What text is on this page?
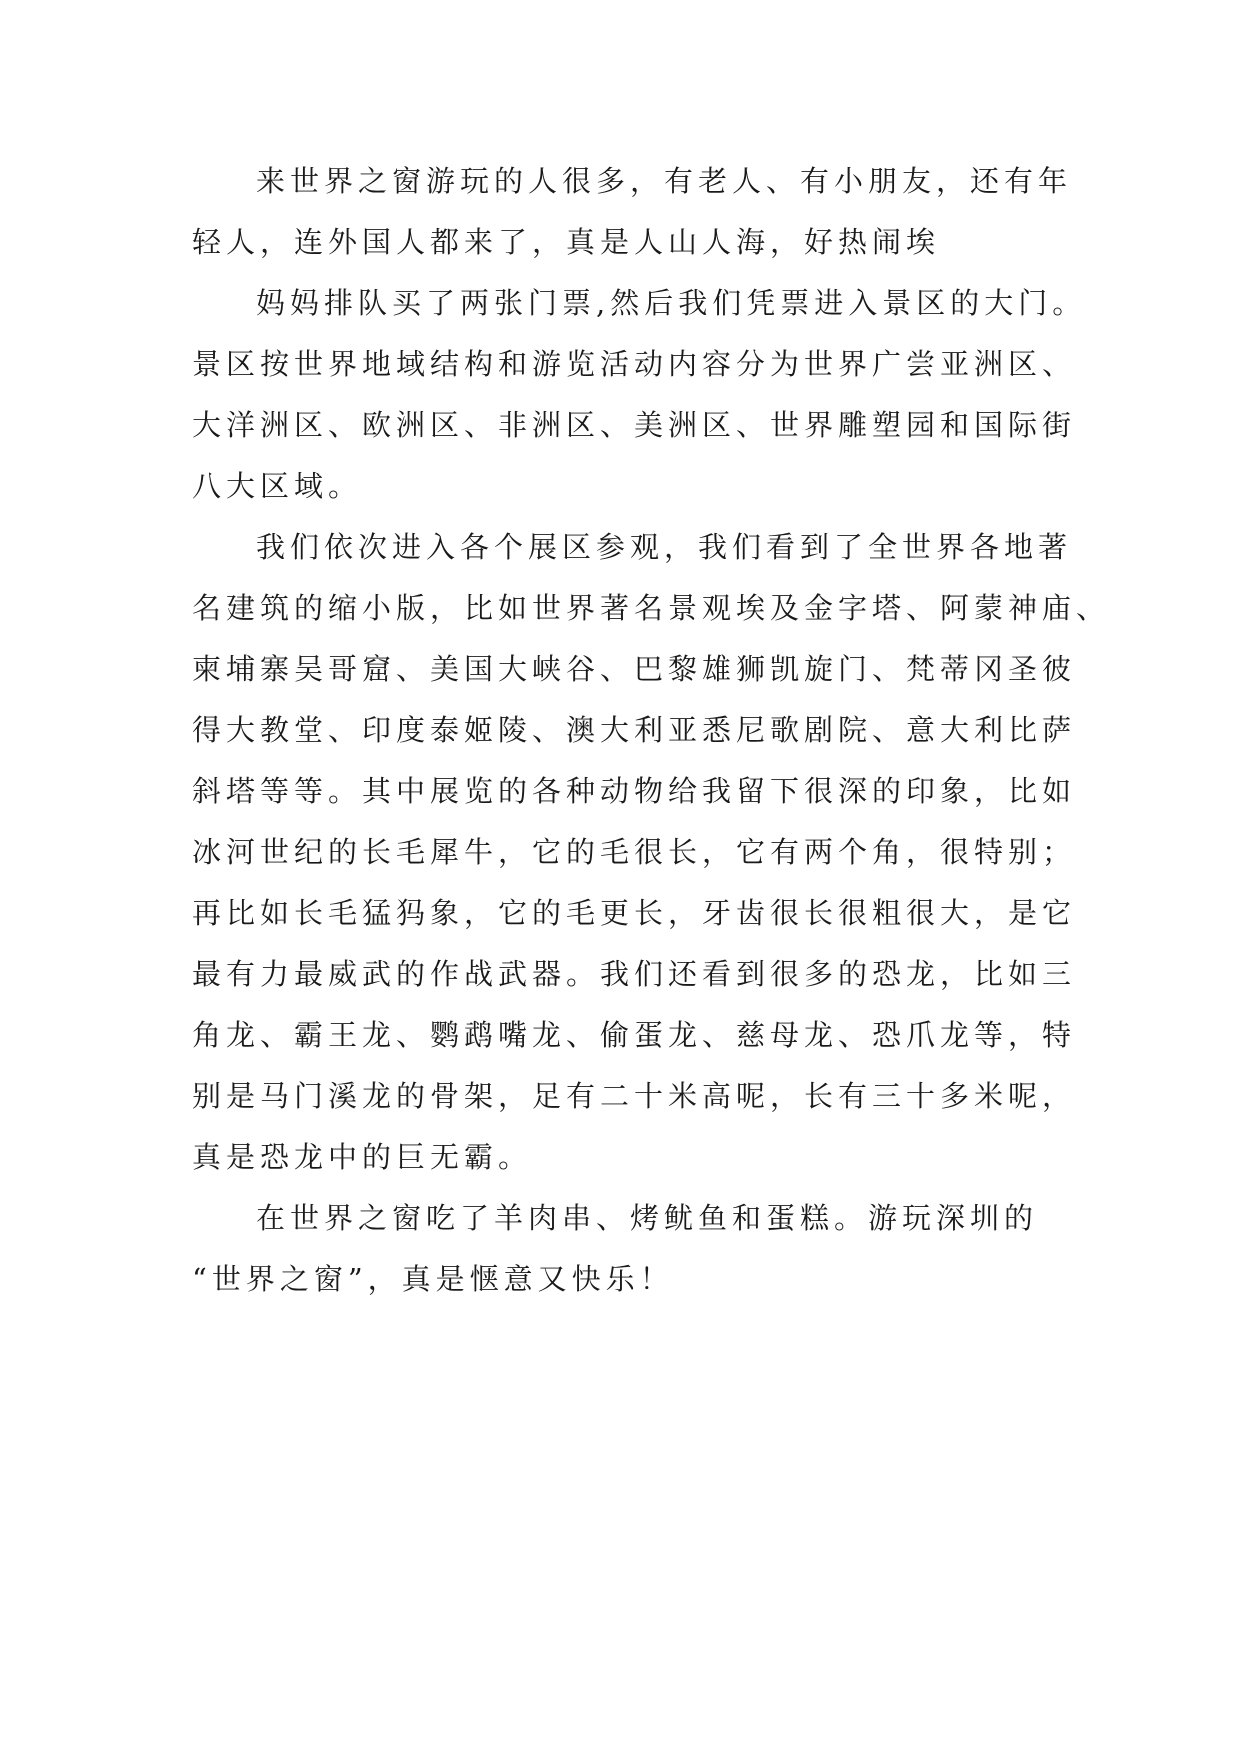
来世界之窗游玩的人很多，有老人、有小朋友，还有年
轻人，连外国人都来了，真是人山人海，好热闹埃
妈妈排队买了两张门票,然后我们凭票进入景区的大门。
景区按世界地域结构和游览活动内容分为世界广尝亚洲区、
大洋洲区、欧洲区、非洲区、美洲区、世界雕塑园和国际街
八大区域。
我们依次进入各个展区参观，我们看到了全世界各地著
名建筑的缩小版，比如世界著名景观埃及金字塔、阿蒙神庙、
柬埔寨吴哥窟、美国大峡谷、巴黎雄狮凯旋门、梵蒂冈圣彼
得大教堂、印度泰姬陵、澳大利亚悉尼歌剧院、意大利比萨
斜塔等等。其中展览的各种动物给我留下很深的印象，比如
冰河世纪的长毛犀牛，它的毛很长，它有两个角，很特别；
再比如长毛猛犸象，它的毛更长，牙齿很长很粗很大，是它
最有力最威武的作战武器。我们还看到很多的恐龙，比如三
角龙、霸王龙、鹦鹉嘴龙、偷蛋龙、慈母龙、恐爪龙等，特
别是马门溪龙的骨架，足有二十米高呢，长有三十多米呢，
真是恐龙中的巨无霸。
在世界之窗吃了羊肉串、烤鱿鱼和蛋糕。游玩深圳的
“世界之窗”，真是惬意又快乐！
